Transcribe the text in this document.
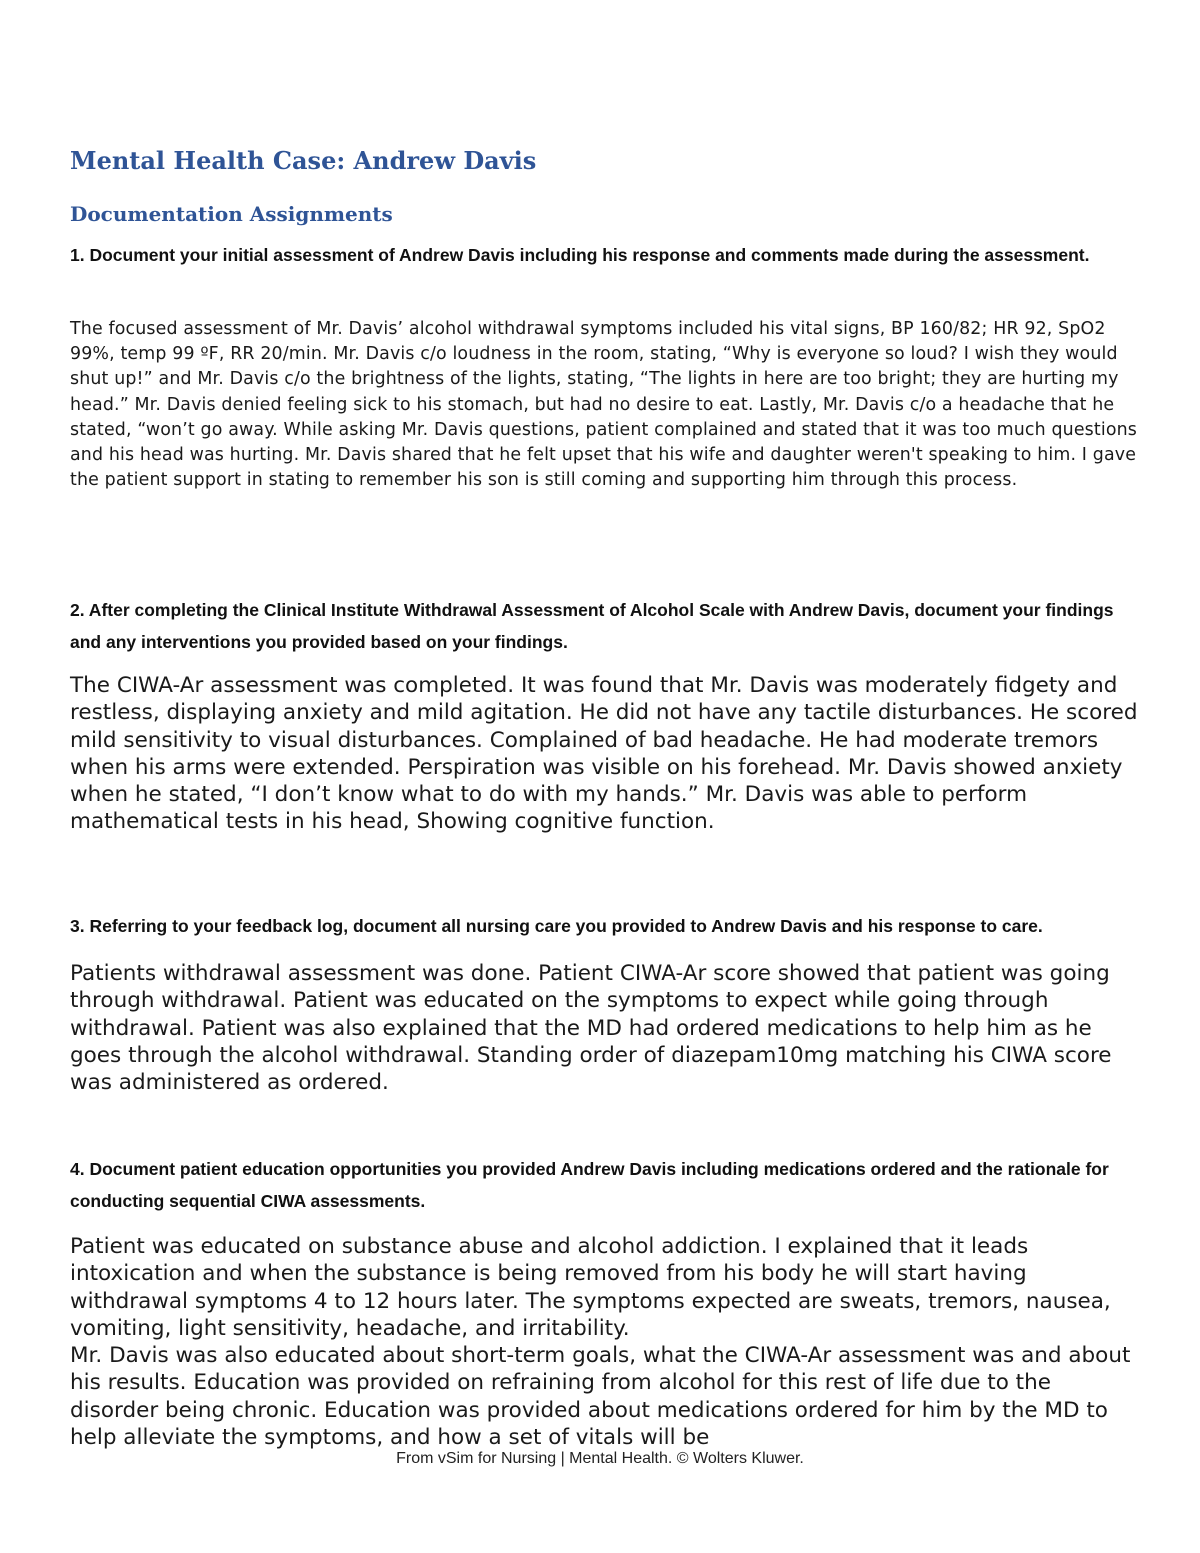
Mental Health Case: Andrew Davis
Documentation Assignments

1. Document your initial assessment of Andrew Davis including his response and comments made during the assessment.

The focused assessment of Mr. Davis’ alcohol withdrawal symptoms included his vital signs, BP 160/82; HR 92, SpO2 99%, temp 99 ºF, RR 20/min. Mr. Davis c/o loudness in the room, stating, “Why is everyone so loud? I wish they would shut up!” and Mr. Davis c/o the brightness of the lights, stating, “The lights in here are too bright; they are hurting my head.” Mr. Davis denied feeling sick to his stomach, but had no desire to eat. Lastly, Mr. Davis c/o a headache that he stated, “won’t go away. While asking Mr. Davis questions, patient complained and stated that it was too much questions and his head was hurting. Mr. Davis shared that he felt upset that his wife and daughter weren't speaking to him. I gave the patient support in stating to remember his son is still coming and supporting him through this process.

2. After completing the Clinical Institute Withdrawal Assessment of Alcohol Scale with Andrew Davis, document your findings and any interventions you provided based on your findings.

The CIWA-Ar assessment was completed. It was found that Mr. Davis was moderately fidgety and restless, displaying anxiety and mild agitation. He did not have any tactile disturbances. He scored mild sensitivity to visual disturbances. Complained of bad headache. He had moderate tremors when his arms were extended. Perspiration was visible on his forehead. Mr. Davis showed anxiety when he stated, “I don’t know what to do with my hands.” Mr. Davis was able to perform mathematical tests in his head, Showing cognitive function.

3. Referring to your feedback log, document all nursing care you provided to Andrew Davis and his response to care.

Patients withdrawal assessment was done. Patient CIWA-Ar score showed that patient was going through withdrawal. Patient was educated on the symptoms to expect while going through withdrawal. Patient was also explained that the MD had ordered medications to help him as he goes through the alcohol withdrawal. Standing order of diazepam10mg matching his CIWA score was administered as ordered.

4. Document patient education opportunities you provided Andrew Davis including medications ordered and the rationale for conducting sequential CIWA assessments.

Patient was educated on substance abuse and alcohol addiction. I explained that it leads intoxication and when the substance is being removed from his body he will start having withdrawal symptoms 4 to 12 hours later. The symptoms expected are sweats, tremors, nausea, vomiting, light sensitivity, headache, and irritability.

Mr. Davis was also educated about short-term goals, what the CIWA-Ar assessment was and about his results. Education was provided on refraining from alcohol for this rest of life due to the disorder being chronic. Education was provided about medications ordered for him by the MD to help alleviate the symptoms, and how a set of vitals will be

From vSim for Nursing | Mental Health. © Wolters Kluwer.
